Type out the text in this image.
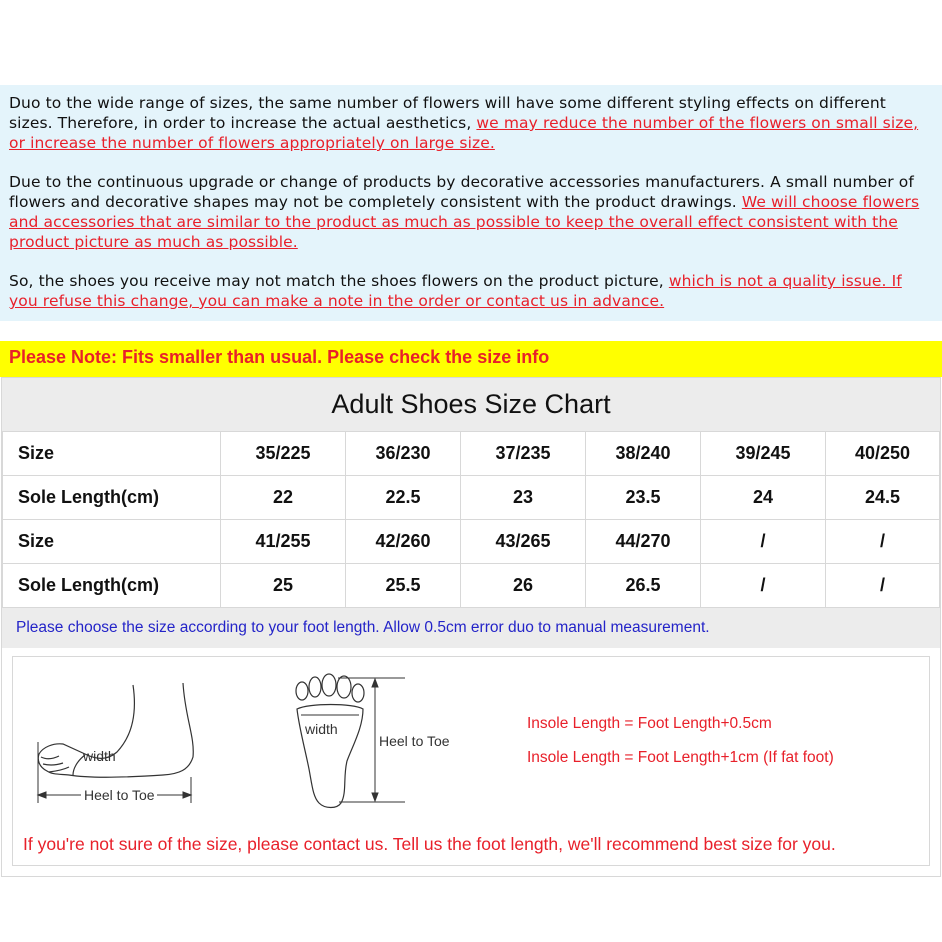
Duo to the wide range of sizes, the same number of flowers will have some different styling effects on different sizes. Therefore, in order to increase the actual aesthetics, we may reduce the number of the flowers on small size, or increase the number of flowers appropriately on large size.

Due to the continuous upgrade or change of products by decorative accessories manufacturers. A small number of flowers and decorative shapes may not be completely consistent with the product drawings. We will choose flowers and accessories that are similar to the product as much as possible to keep the overall effect consistent with the product picture as much as possible.

So, the shoes you receive may not match the shoes flowers on the product picture, which is not a quality issue. If you refuse this change, you can make a note in the order or contact us in advance.

Please Note: Fits smaller than usual. Please check the size info
Adult Shoes Size Chart
Size	35/225	36/230	37/235	38/240	39/245	40/250
Sole Length(cm)	22	22.5	23	23.5	24	24.5
Size	41/255	42/260	43/265	44/270	/	/
Sole Length(cm)	25	25.5	26	26.5	/	/
Please choose the size according to your foot length. Allow 0.5cm error duo to manual measurement.
width
Heel to Toe
width
Heel to Toe
Insole Length = Foot Length+0.5cm
Insole Length = Foot Length+1cm (If fat foot)
If you're not sure of the size, please contact us. Tell us the foot length, we'll recommend best size for you.
